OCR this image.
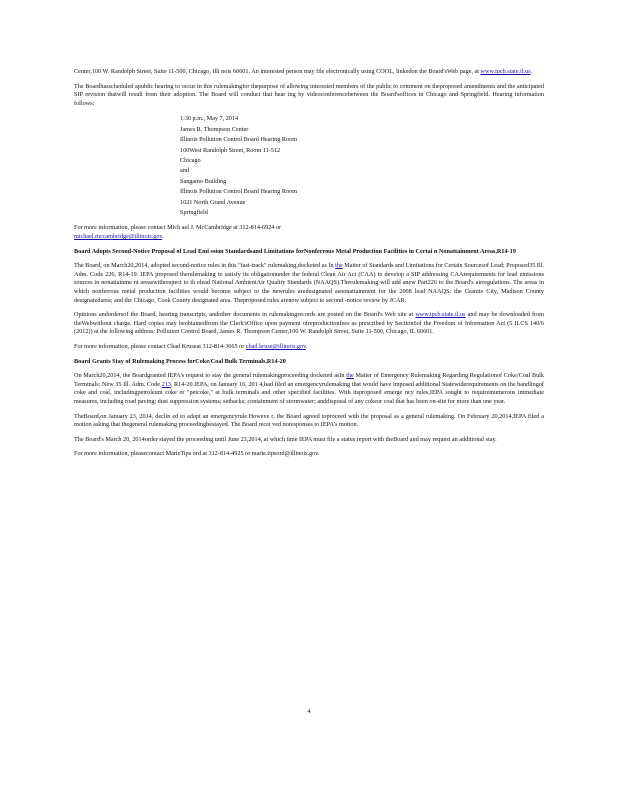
Center,100 W. Randolph Street, Suite 11-500, Chicago, Illi nois 60601. An interested person may file electronically using COOL, linkedon the Board'sWeb page, at www.ipcb.state.il.us.

The Boardhasscheduled apublic hearing to occur in this rulemakingfor thepurpose of allowing interested members of the public to comment on theproposed amendments and the anticipated SIP revision thatwill result from their adoption. The Board will conduct that hear ing by videoconferencebetween the Board'soffices in Chicago and Springfield. Hearing information follows:

1:30 p.m., May 7, 2014
James R. Thompson Center
Illinois Pollution Control Board Hearing Room
100West Randolph Street, Room 11-512
Chicago
and
Sangamo Building
Illinois Pollution Control Board Hearing Room
1021 North Grand Avenue
Springfield

For more information, please contact Mich ael J. McCambridge at 312-814-6924 or
michael.mccambridge@illinois.gov.

Board Adopts Second-Notice Proposal of Lead Emi ssion Standardsand Limitations forNonferrous Metal Production Facilities in Certai n Nonattainment Areas,R14-19

The Board, on March20,2014, adopted second-notice rules in this "fast-track" rulemaking,docketed as In the Matter of Standards and Limitations for Certain Sourcesof Lead; Proposed35 Ill. Adm. Code 226, R14-19. IEPA proposed therulemaking to satisfy its obligationunder the federal Clean Air Act (CAA) to develop a SIP addressing CAArequirements for lead emissions sources in nonattainme nt areaswithrespect to th elead National AmbientAir Quality Standards (NAAQS).Therulemaking will add anew Part226 to the Board's airregulations. The areas in which nonferrous metal production facilities would become subject to the newrules aredesignated asnonattainment for the 2008 lead NAAQS: the Granite City, Madison County designatedarea; and the Chicago, Cook County designated area. Theproposed rules arenow subject to second -notice review by JCAR.

Opinions andordersof the Board, hearing transcripts, andother documents in rulemakingrecords are posted on the Board's Web site at www.ipcb.state.il.us and may be downloaded from theWebwithout charge. Hard copies may beobtainedfrom the Clerk'sOffice upon payment ofreproductionfees as prescribed by Section6of the Freedom of Information Act (5 ILCS 140/6 (2012)) at the following address: Pollution Control Board, James R. Thompson Center,100 W. Randolph Street, Suite 11-500, Chicago, IL 60601.

For more information, please contact Chad Kruseat 312-814-3665 or chad.kruse@illinois.gov.

Board Grants Stay of Rulemaking Process forCoke/Coal Bulk Terminals,R14-20

On March20,2014, the Boardgranted IEPA's request to stay the general rulemakingproceeding docketed asIn the Matter of Emergency Rulemaking Regarding Regulationof Coke/Coal Bulk Terminals: New 35 Ill. Adm. Code 213, R14-20.IEPA, on January 16, 201 4,had filed an emergencyrulemaking that would have imposed additional Statewiderequirements on the handlingof coke and coal, includingpetroleum coke or "petcoke," at bulk terminals and other specified facilities. With itsproposed emerge ncy rules,IEPA sought to requireinumerous immediate measures, including road paving; dust suppression systems; setbacks; containment of stormwater; anddisposal of any cokeor coal that has been on-site for more than one year.

TheBoard,on January 23, 2014, declin ed to adopt an emergencyrule.Howeve r, the Board agreed toproceed with the proposal as a general rulemaking. On February 20,2014,IEPA filed a motion asking that thegeneral rulemaking proceedingbestayed. The Board recei ved noresponses to IEPA's motion.

The Board's March 20, 2014order stayed the proceeding until June 23,2014, at which time IEPA must file a status report with theBoard and may request an additional stay.

For more information, pleasecontact MarieTips ord at 312-814-4925 or marie.tipsord@illinois.gov.

4
